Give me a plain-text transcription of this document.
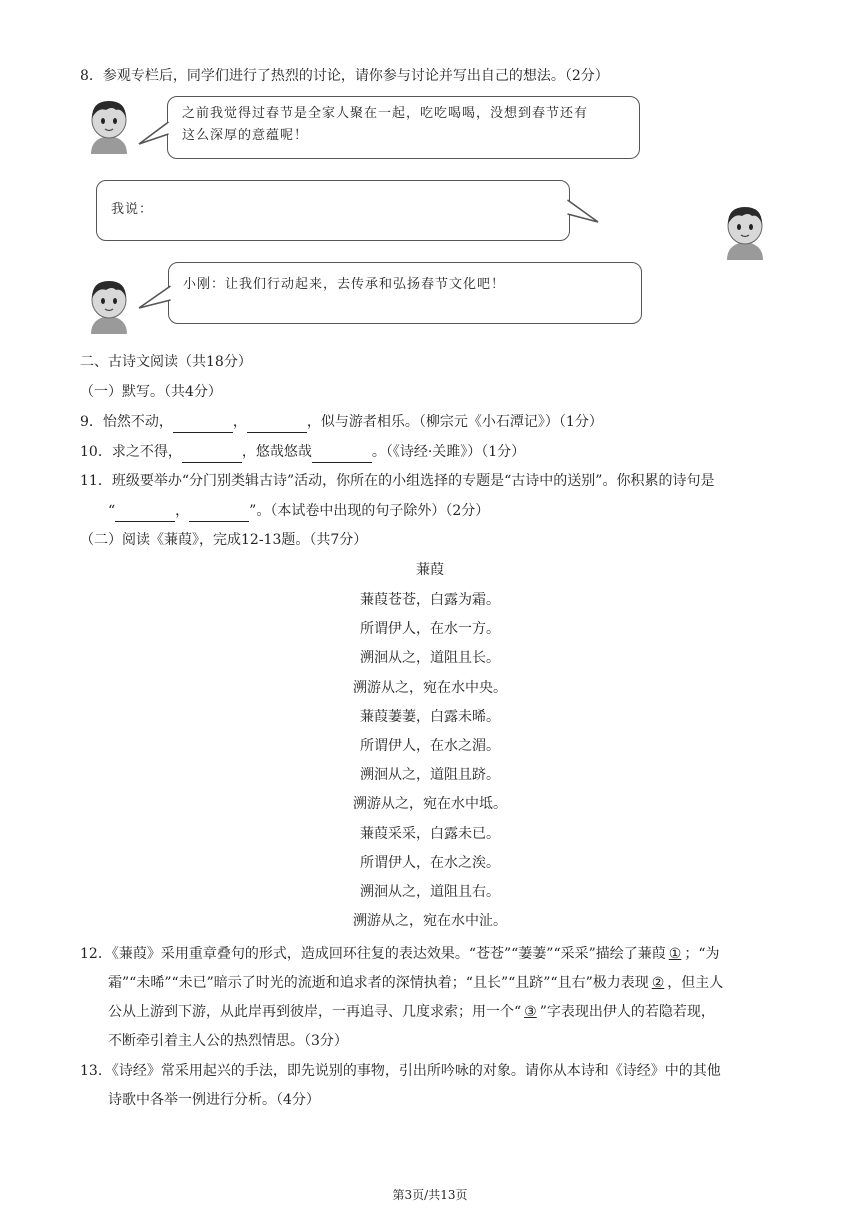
8．参观专栏后，同学们进行了热烈的讨论，请你参与讨论并写出自己的想法。（2分）
之前我觉得过春节是全家人聚在一起，吃吃喝喝，没想到春节还有
这么深厚的意蕴呢！
我说：
小刚：让我们行动起来，去传承和弘扬春节文化吧！
二、古诗文阅读（共18分）
（一）默写。（共4分）
9．怡然不动，	，	，似与游者相乐。（柳宗元《小石潭记》）（1分）
10．求之不得，	，悠哉悠哉	。（《诗经·关雎》）（1分）
11．班级要举办“分门别类辑古诗”活动，你所在的小组选择的专题是“古诗中的送别”。你积累的诗句是
“	，	”。（本试卷中出现的句子除外）（2分）
（二）阅读《蒹葭》，完成12-13题。（共7分）
蒹葭
蒹葭苍苍，白露为霜。
所谓伊人，在水一方。
溯洄从之，道阻且长。
溯游从之，宛在水中央。
蒹葭萋萋，白露未晞。
所谓伊人，在水之湄。
溯洄从之，道阻且跻。
溯游从之，宛在水中坻。
蒹葭采采，白露未已。
所谓伊人，在水之涘。
溯洄从之，道阻且右。
溯游从之，宛在水中沚。
12．《蒹葭》采用重章叠句的形式，造成回环往复的表达效果。“苍苍”“萋萋”“采采”描绘了蒹葭 ① ；“为
霜”“未晞”“未已”暗示了时光的流逝和追求者的深情执着；“且长”“且跻”“且右”极力表现 ② ，但主人
公从上游到下游，从此岸再到彼岸，一再追寻、几度求索；用一个“ ③ ”字表现出伊人的若隐若现，
不断牵引着主人公的热烈情思。（3分）
13．《诗经》常采用起兴的手法，即先说别的事物，引出所吟咏的对象。请你从本诗和《诗经》中的其他
诗歌中各举一例进行分析。（4分）
第3页/共13页
